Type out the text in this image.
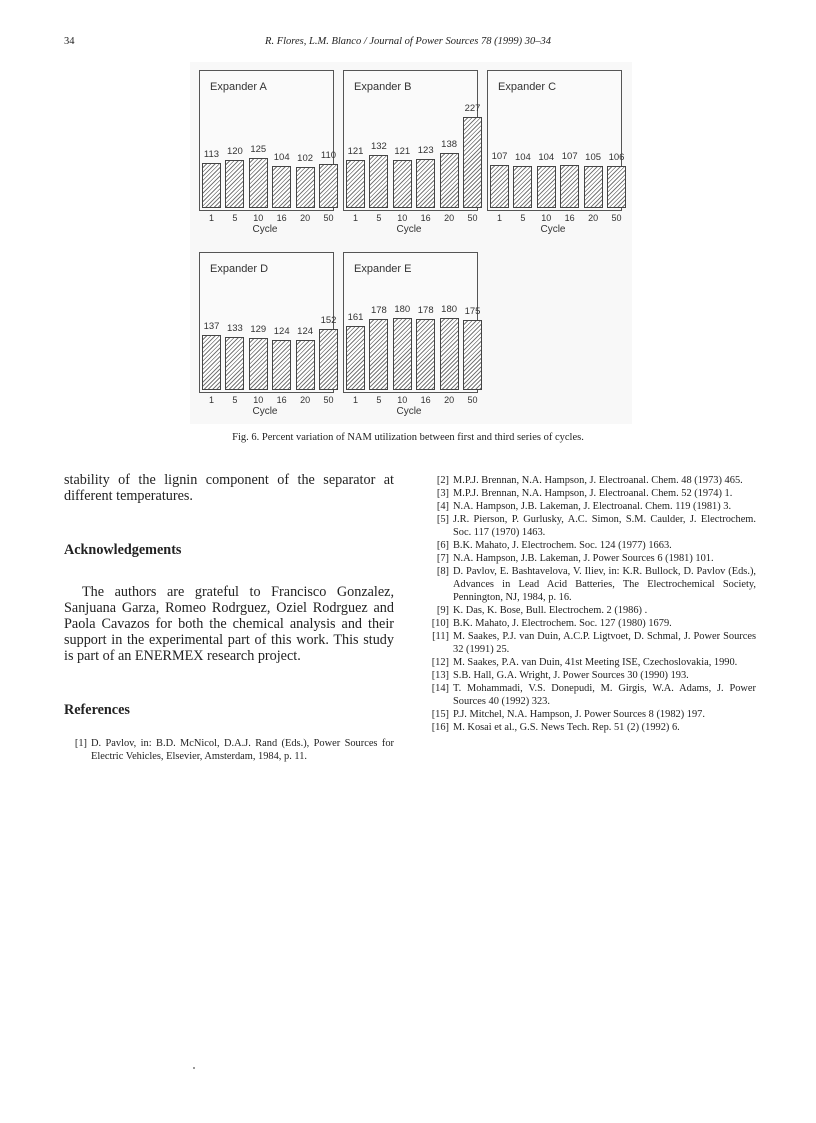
34	R. Flores, L.M. Blanco / Journal of Power Sources 78 (1999) 30–34
1	5	10	16	20	50
Expander A
113 120 125
104 102 110
Cycle
1	5	10	16	20	50
Expander B
121 132 121 123
138
227
Cycle
1	5	10	16	20	50
Expander C
107 104 104 107 105 106
Cycle
1	5	10	16	20	50
Expander D
137 133 129 124 124
152
Cycle
1	5	10	16	20	50
Expander E
161
178 180 178 180 175
Cycle
Fig. 6. Percent variation of NAM utilization between first and third series of cycles.

stability of the lignin component of the separator at different temperatures.

Acknowledgements

The authors are grateful to Francisco Gonzalez, Sanjuana Garza, Romeo Rodrguez, Oziel Rodrguez and Paola Cavazos for both the chemical analysis and their support in the experimental part of this work. This study is part of an ENERMEX research project.

References

[1] D. Pavlov, in: B.D. McNicol, D.A.J. Rand (Eds.), Power Sources for Electric Vehicles, Elsevier, Amsterdam, 1984, p. 11.
[2] M.P.J. Brennan, N.A. Hampson, J. Electroanal. Chem. 48 (1973) 465.
[3] M.P.J. Brennan, N.A. Hampson, J. Electroanal. Chem. 52 (1974) 1.
[4] N.A. Hampson, J.B. Lakeman, J. Electroanal. Chem. 119 (1981) 3.
[5] J.R. Pierson, P. Gurlusky, A.C. Simon, S.M. Caulder, J. Electrochem. Soc. 117 (1970) 1463.
[6] B.K. Mahato, J. Electrochem. Soc. 124 (1977) 1663.
[7] N.A. Hampson, J.B. Lakeman, J. Power Sources 6 (1981) 101.
[8] D. Pavlov, E. Bashtavelova, V. Iliev, in: K.R. Bullock, D. Pavlov (Eds.), Advances in Lead Acid Batteries, The Electrochemical Society, Pennington, NJ, 1984, p. 16.
[9] K. Das, K. Bose, Bull. Electrochem. 2 (1986) .
[10] B.K. Mahato, J. Electrochem. Soc. 127 (1980) 1679.
[11] M. Saakes, P.J. van Duin, A.C.P. Ligtvoet, D. Schmal, J. Power Sources 32 (1991) 25.
[12] M. Saakes, P.A. van Duin, 41st Meeting ISE, Czechoslovakia, 1990.
[13] S.B. Hall, G.A. Wright, J. Power Sources 30 (1990) 193.
[14] T. Mohammadi, V.S. Donepudi, M. Girgis, W.A. Adams, J. Power Sources 40 (1992) 323.
[15] P.J. Mitchel, N.A. Hampson, J. Power Sources 8 (1982) 197.
[16] M. Kosai et al., G.S. News Tech. Rep. 51 (2) (1992) 6.
